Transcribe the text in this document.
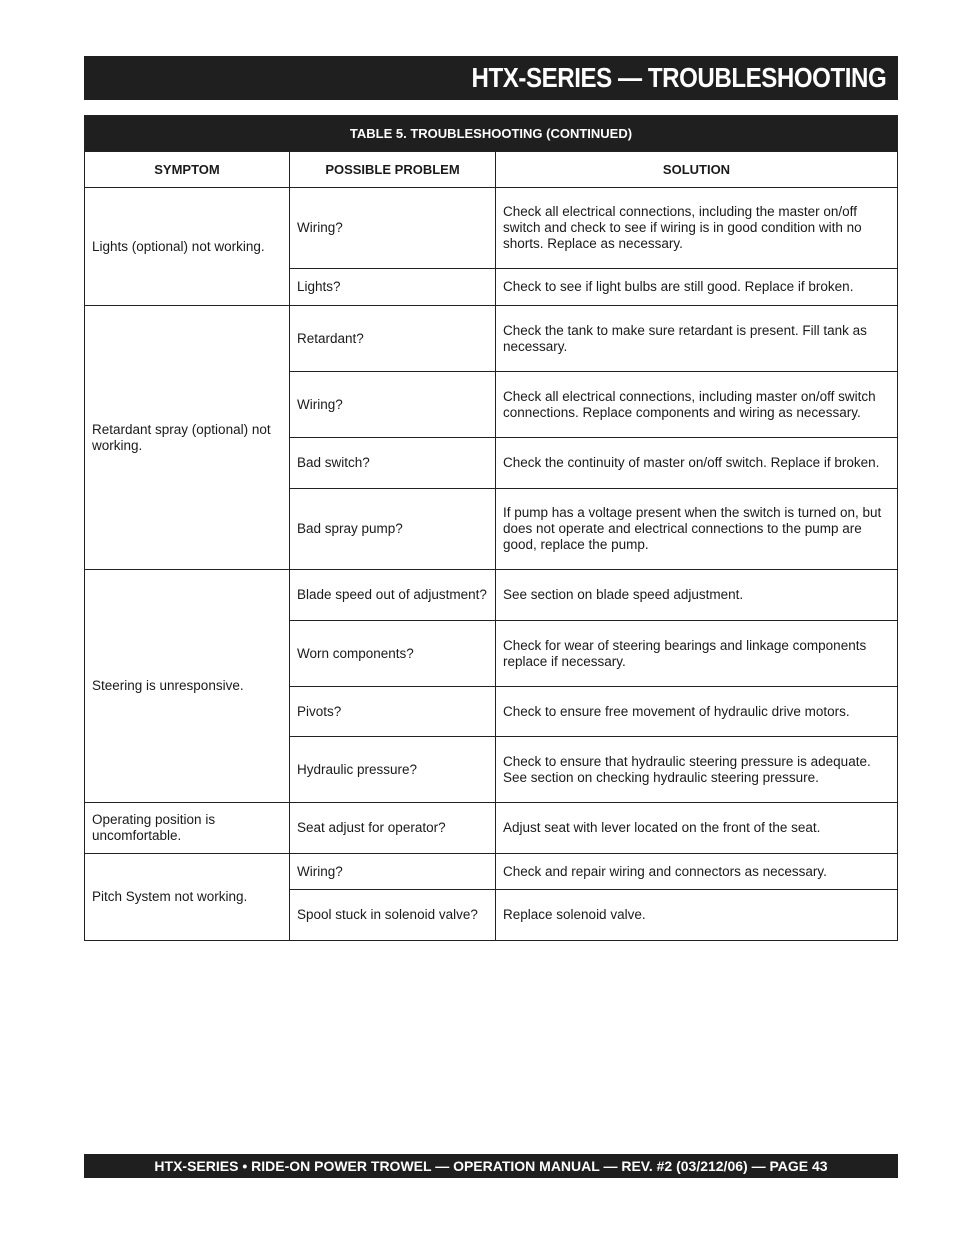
HTX-SERIES — TROUBLESHOOTING
TABLE 5. TROUBLESHOOTING (CONTINUED)		
SYMPTOM	POSSIBLE PROBLEM	SOLUTION
Lights (optional) not working.	Wiring?	Check all electrical connections, including the master on/off switch and check to see if wiring is in good condition with no shorts. Replace as necessary.
	Lights?	Check to see if light bulbs are still good. Replace if broken.
Retardant spray (optional) not working.	Retardant?	Check the tank to make sure retardant is present. Fill tank as necessary.
	Wiring?	Check all electrical connections, including master on/off switch connections. Replace components and wiring as necessary.
	Bad switch?	Check the continuity of master on/off switch. Replace if broken.
	Bad spray pump?	If pump has a voltage present when the switch is turned on, but does not operate and electrical connections to the pump are good, replace the pump.
Steering is unresponsive.	Blade speed out of adjustment?	See section on blade speed adjustment.
	Worn components?	Check for wear of steering bearings and linkage components replace if necessary.
	Pivots?	Check to ensure free movement of hydraulic drive motors.
	Hydraulic pressure?	Check to ensure that hydraulic steering pressure is adequate. See section on checking hydraulic steering pressure.
Operating position is uncomfortable.	Seat adjust for operator?	Adjust seat with lever located on the front of the seat.
Pitch System not working.	Wiring?	Check and repair wiring and connectors as necessary.
	Spool stuck in solenoid valve?	Replace solenoid valve.
HTX-SERIES • RIDE-ON POWER TROWEL — OPERATION MANUAL — REV. #2 (03/212/06) — PAGE 43
